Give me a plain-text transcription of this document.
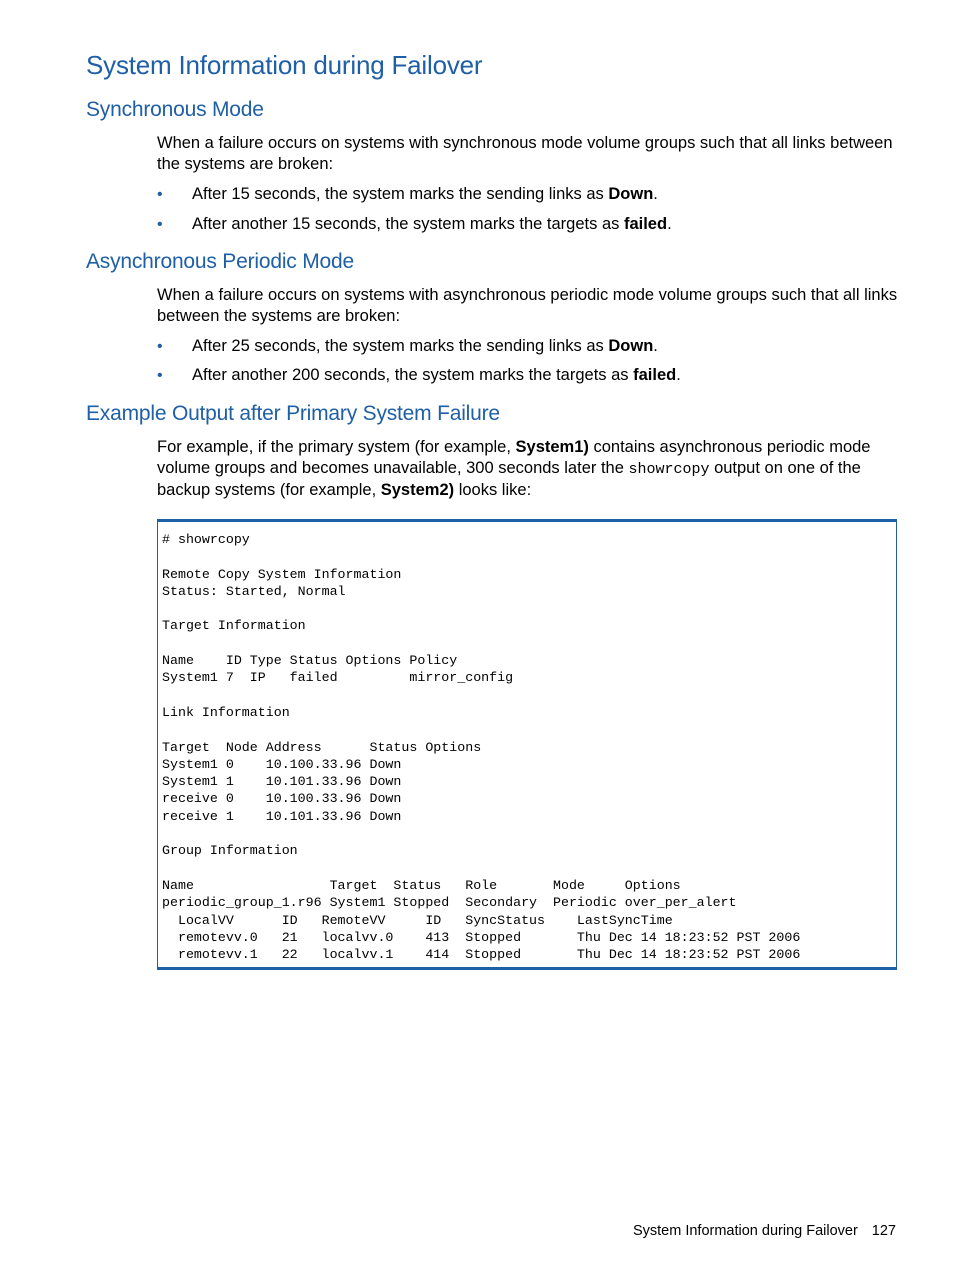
System Information during Failover
Synchronous Mode

When a failure occurs on systems with synchronous mode volume groups such that all links between the systems are broken:

•	After 15 seconds, the system marks the sending links as Down.
•	After another 15 seconds, the system marks the targets as failed.
Asynchronous Periodic Mode

When a failure occurs on systems with asynchronous periodic mode volume groups such that all links between the systems are broken:

•	After 25 seconds, the system marks the sending links as Down.
•	After another 200 seconds, the system marks the targets as failed.
Example Output after Primary System Failure

For example, if the primary system (for example, System1) contains asynchronous periodic mode volume groups and becomes unavailable, 300 seconds later the showrcopy output on one of the backup systems (for example, System2) looks like:

# showrcopy

Remote Copy System Information
Status: Started, Normal

Target Information

Name    ID Type Status Options Policy
System1 7  IP   failed         mirror_config

Link Information

Target  Node Address      Status Options
System1 0    10.100.33.96 Down
System1 1    10.101.33.96 Down
receive 0    10.100.33.96 Down
receive 1    10.101.33.96 Down

Group Information

Name                 Target  Status   Role       Mode     Options
periodic_group_1.r96 System1 Stopped  Secondary  Periodic over_per_alert
LocalVV      ID   RemoteVV     ID   SyncStatus    LastSyncTime
remotevv.0   21   localvv.0    413  Stopped       Thu Dec 14 18:23:52 PST 2006
remotevv.1   22   localvv.1    414  Stopped       Thu Dec 14 18:23:52 PST 2006
System Information during Failover 127
